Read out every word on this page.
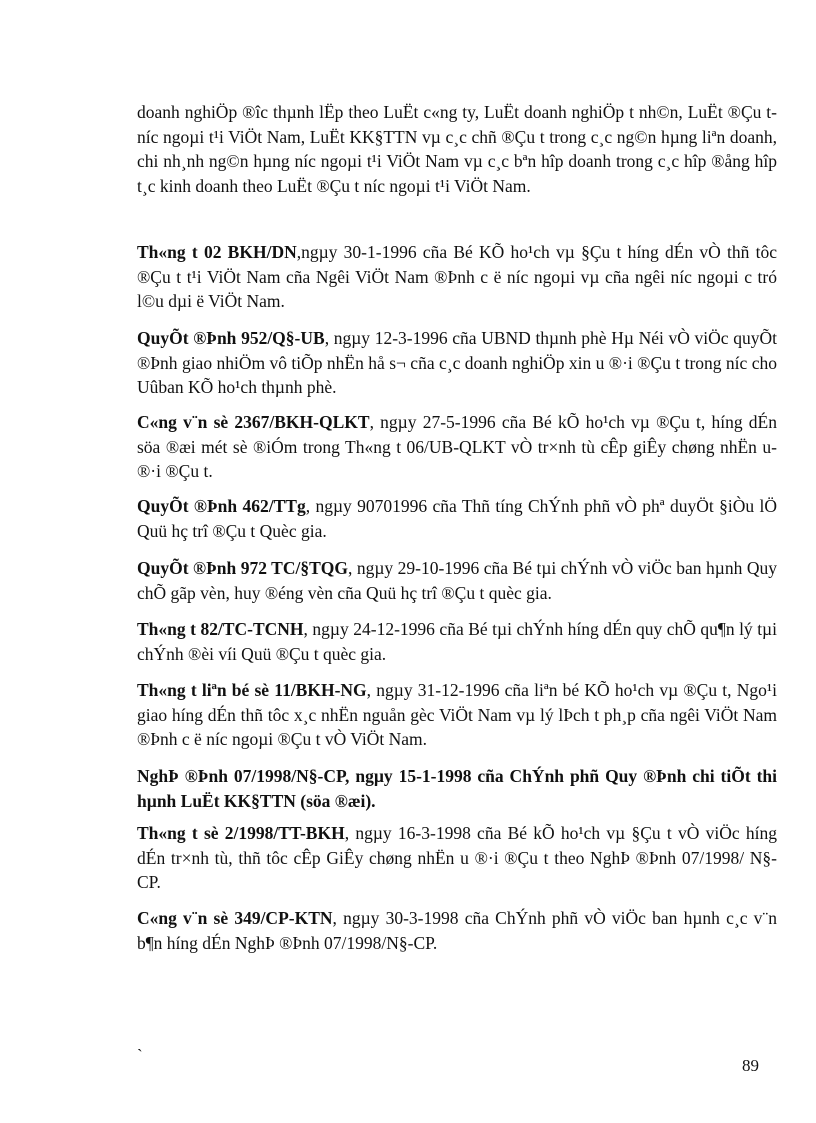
doanh nghiÖp ®îc thµnh lËp theo LuËt c«ng ty, LuËt doanh nghiÖp t nh©n, LuËt ®Çu t níc ngoµi t¹i ViÖt Nam, LuËt KK§TTN vµ c¸c chñ ®Çu t trong c¸c ng©n hµng liªn doanh, chi nh¸nh ng©n hµng níc ngoµi t¹i ViÖt Nam vµ c¸c bªn hîp doanh trong c¸c hîp ®ång hîp t¸c kinh doanh theo LuËt ®Çu t níc ngoµi t¹i ViÖt Nam.

Th«ng t 02 BKH/DN,ngµy 30-1-1996 cña Bé KÕ ho¹ch vµ §Çu t híng dÉn vÒ thñ tôc ®Çu t t¹i ViÖt Nam cña Ngêi ViÖt Nam ®Þnh c ë níc ngoµi vµ cña ngêi níc ngoµi c tró l©u dµi ë ViÖt Nam.

QuyÕt ®Þnh 952/Q§-UB, ngµy 12-3-1996 cña UBND thµnh phè Hµ Néi vÒ viÖc quyÕt ®Þnh giao nhiÖm vô tiÕp nhËn hå s¬ cña c¸c doanh nghiÖp xin u ®·i ®Çu t trong níc cho Uûban KÕ ho¹ch thµnh phè.

C«ng v¨n sè 2367/BKH-QLKT, ngµy 27-5-1996 cña Bé kÕ ho¹ch vµ ®Çu t, híng dÉn söa ®æi mét sè ®iÓm trong Th«ng t 06/UB-QLKT vÒ tr×nh tù cÊp giÊy chøng nhËn u ®·i ®Çu t.

QuyÕt ®Þnh 462/TTg, ngµy 90701996 cña Thñ tíng ChÝnh phñ vÒ phª duyÖt §iÒu lÖ Quü hç trî ®Çu t Quèc gia.

QuyÕt ®Þnh 972 TC/§TQG, ngµy 29-10-1996 cña Bé tµi chÝnh vÒ viÖc ban hµnh Quy chÕ gãp vèn, huy ®éng vèn cña Quü hç trî ®Çu t quèc gia.

Th«ng t 82/TC-TCNH, ngµy 24-12-1996 cña Bé tµi chÝnh híng dÉn quy chÕ qu¶n lý tµi chÝnh ®èi víi Quü ®Çu t quèc gia.

Th«ng t liªn bé sè 11/BKH-NG, ngµy 31-12-1996 cña liªn bé KÕ ho¹ch vµ ®Çu t, Ngo¹i giao híng dÉn thñ tôc x¸c nhËn nguån gèc ViÖt Nam vµ lý lÞch t ph¸p cña ngêi ViÖt Nam ®Þnh c ë níc ngoµi ®Çu t vÒ ViÖt Nam.

NghÞ ®Þnh 07/1998/N§-CP, ngµy 15-1-1998 cña ChÝnh phñ Quy ®Þnh chi tiÕt thi hµnh LuËt KK§TTN (söa ®æi).

Th«ng t sè 2/1998/TT-BKH, ngµy 16-3-1998 cña Bé kÕ ho¹ch vµ §Çu t vÒ viÖc híng dÉn tr×nh tù, thñ tôc cÊp GiÊy chøng nhËn u ®·i ®Çu t theo NghÞ ®Þnh 07/1998/ N§- CP.

C«ng v¨n sè 349/CP-KTN, ngµy 30-3-1998 cña ChÝnh phñ vÒ viÖc ban hµnh c¸c v¨n b¶n híng dÉn NghÞ ®Þnh 07/1998/N§-CP.

`
89
